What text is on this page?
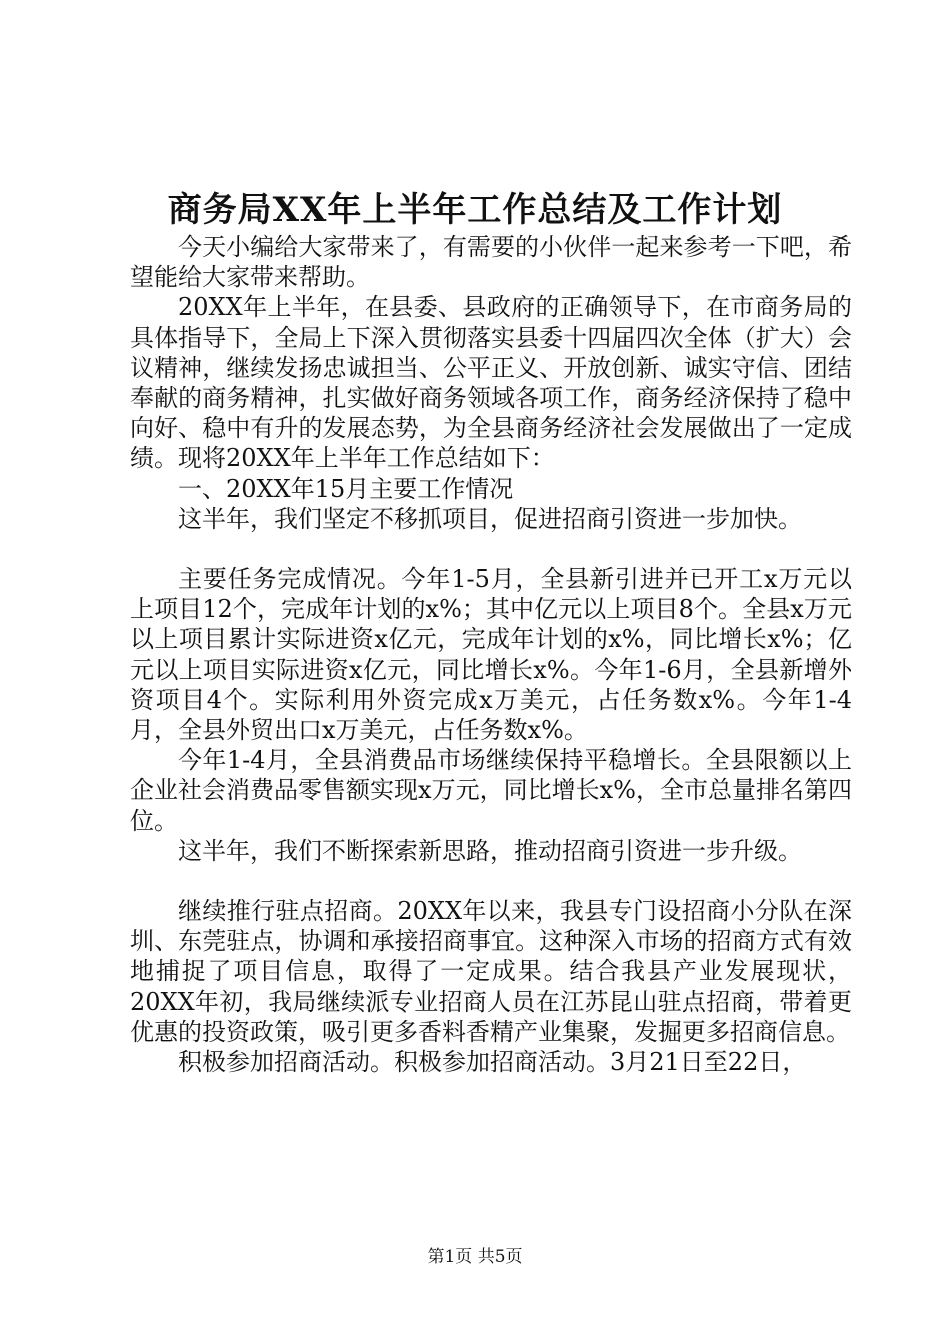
商务局XX年上半年工作总结及工作计划

今天小编给大家带来了，有需要的小伙伴一起来参考一下吧，希望能给大家带来帮助。

20XX年上半年，在县委、县政府的正确领导下，在市商务局的具体指导下，全局上下深入贯彻落实县委十四届四次全体（扩大）会议精神，继续发扬忠诚担当、公平正义、开放创新、诚实守信、团结奉献的商务精神，扎实做好商务领域各项工作，商务经济保持了稳中向好、稳中有升的发展态势，为全县商务经济社会发展做出了一定成绩。现将20XX年上半年工作总结如下：

一、20XX年15月主要工作情况

这半年，我们坚定不移抓项目，促进招商引资进一步加快。

主要任务完成情况。今年1-5月，全县新引进并已开工x万元以上项目12个，完成年计划的x%；其中亿元以上项目8个。全县x万元以上项目累计实际进资x亿元，完成年计划的x%，同比增长x%；亿元以上项目实际进资x亿元，同比增长x%。今年1-6月，全县新增外资项目4个。实际利用外资完成x万美元，占任务数x%。今年1-4月，全县外贸出口x万美元，占任务数x%。

今年1-4月，全县消费品市场继续保持平稳增长。全县限额以上企业社会消费品零售额实现x万元，同比增长x%，全市总量排名第四位。

这半年，我们不断探索新思路，推动招商引资进一步升级。

继续推行驻点招商。20XX年以来，我县专门设招商小分队在深圳、东莞驻点，协调和承接招商事宜。这种深入市场的招商方式有效地捕捉了项目信息，取得了一定成果。结合我县产业发展现状，20XX年初，我局继续派专业招商人员在江苏昆山驻点招商，带着更优惠的投资政策，吸引更多香料香精产业集聚，发掘更多招商信息。

积极参加招商活动。积极参加招商活动。3月21日至22日，

第1页 共5页
